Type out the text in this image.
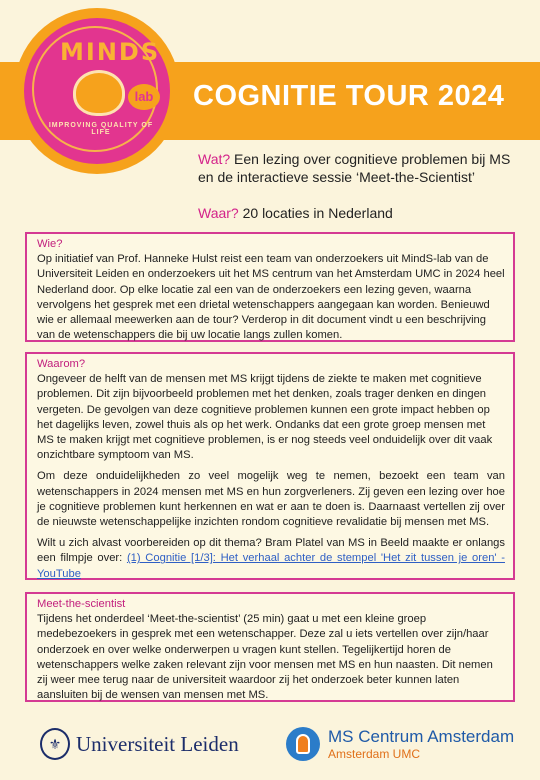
MINDS
lab
IMPROVING QUALITY OF LIFE
COGNITIE TOUR 2024

Wat? Een lezing over cognitieve problemen bij MS en de interactieve sessie ‘Meet-the-Scientist’

Waar? 20 locaties in Nederland

Wie?

Op initiatief van Prof. Hanneke Hulst reist een team van onderzoekers uit MindS-lab van de Universiteit Leiden en onderzoekers uit het MS centrum van het Amsterdam UMC in 2024 heel Nederland door. Op elke locatie zal een van de onderzoekers een lezing geven, waarna vervolgens het gesprek met een drietal wetenschappers aangegaan kan worden. Benieuwd wie er allemaal meewerken aan de tour? Verderop in dit document vindt u een beschrijving van de wetenschappers die bij uw locatie langs zullen komen.

Waarom?

Ongeveer de helft van de mensen met MS krijgt tijdens de ziekte te maken met cognitieve problemen. Dit zijn bijvoorbeeld problemen met het denken, zoals trager denken en dingen vergeten. De gevolgen van deze cognitieve problemen kunnen een grote impact hebben op het dagelijks leven, zowel thuis als op het werk. Ondanks dat een grote groep mensen met MS te maken krijgt met cognitieve problemen, is er nog steeds veel onduidelijk over dit vaak onzichtbare symptoom van MS.

Om deze onduidelijkheden zo veel mogelijk weg te nemen, bezoekt een team van wetenschappers in 2024 mensen met MS en hun zorgverleners. Zij geven een lezing over hoe je cognitieve problemen kunt herkennen en wat er aan te doen is. Daarnaast vertellen zij over de nieuwste wetenschappelijke inzichten rondom cognitieve revalidatie bij mensen met MS.

Wilt u zich alvast voorbereiden op dit thema? Bram Platel van MS in Beeld maakte er onlangs een filmpje over: (1) Cognitie [1/3]: Het verhaal achter de stempel 'Het zit tussen je oren' - YouTube

Meet-the-scientist

Tijdens het onderdeel ‘Meet-the-scientist’ (25 min) gaat u met een kleine groep medebezoekers in gesprek met een wetenschapper. Deze zal u iets vertellen over zijn/haar onderzoek en over welke onderwerpen u vragen kunt stellen. Tegelijkertijd horen de wetenschappers welke zaken relevant zijn voor mensen met MS en hun naasten. Dit nemen zij weer mee terug naar de universiteit waardoor zij het onderzoek beter kunnen laten aansluiten bij de wensen van mensen met MS.

⚜ Universiteit Leiden	MS Centrum Amsterdam
Amsterdam UMC
